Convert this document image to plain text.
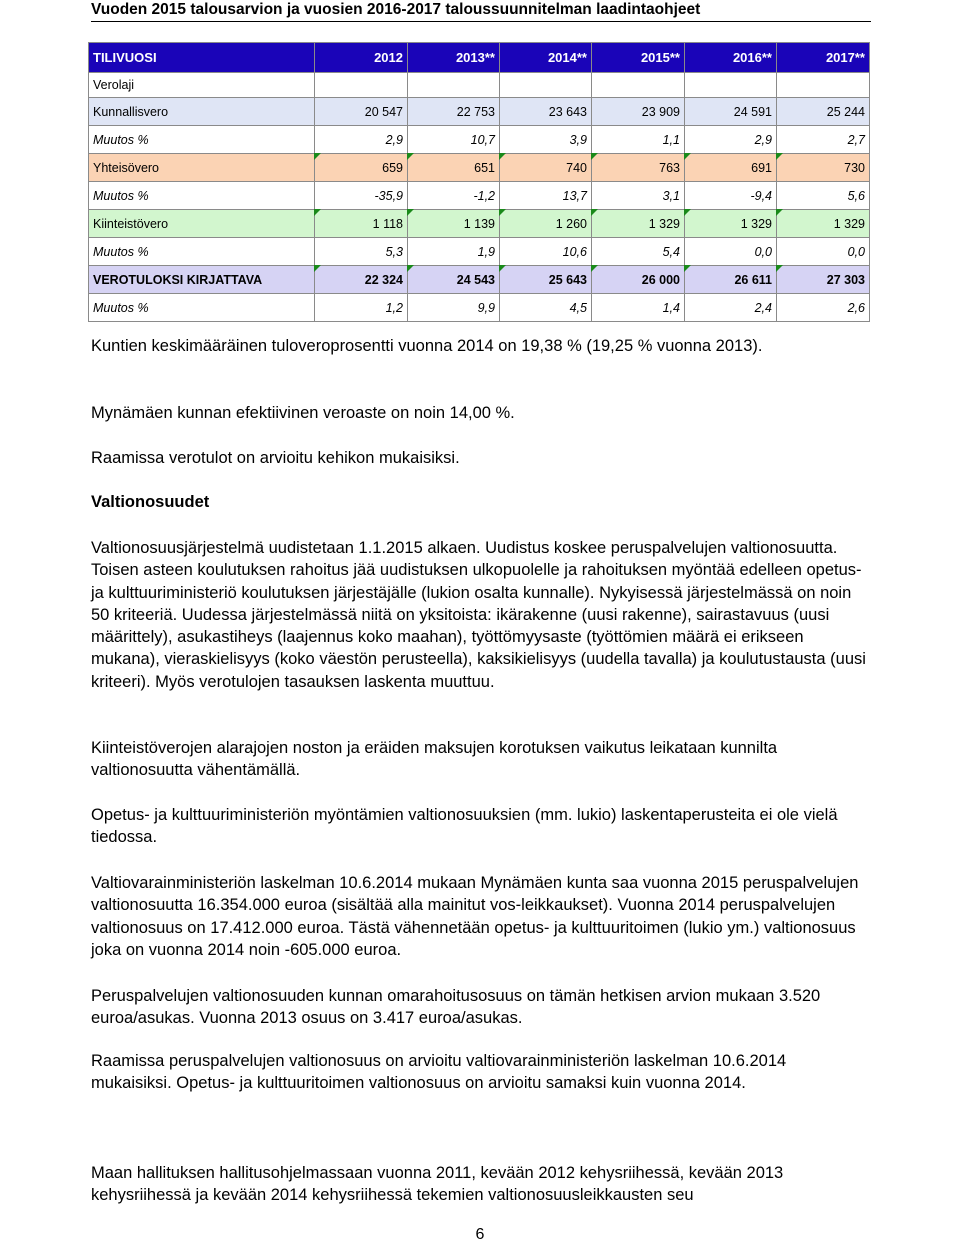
Vuoden 2015 talousarvion ja vuosien 2016-2017 taloussuunnitelman laadintaohjeet
TILIVUOSI	2012	2013**	2014**	2015**	2016**	2017**
Verolaji						
Kunnallisvero	20 547	22 753	23 643	23 909	24 591	25 244
Muutos %	2,9	10,7	3,9	1,1	2,9	2,7
Yhteisövero	659	651	740	763	691	730
Muutos %	-35,9	-1,2	13,7	3,1	-9,4	5,6
Kiinteistövero	1 118	1 139	1 260	1 329	1 329	1 329
Muutos %	5,3	1,9	10,6	5,4	0,0	0,0
VEROTULOKSI KIRJATTAVA	22 324	24 543	25 643	26 000	26 611	27 303
Muutos %	1,2	9,9	4,5	1,4	2,4	2,6

Kuntien keskimääräinen tuloveroprosentti vuonna 2014 on 19,38 % (19,25 % vuonna 2013).

Mynämäen kunnan efektiivinen veroaste on noin 14,00 %.

Raamissa verotulot on arvioitu kehikon mukaisiksi.

Valtionosuudet

Valtionosuusjärjestelmä uudistetaan 1.1.2015 alkaen. Uudistus koskee peruspalvelujen valtionosuutta. Toisen asteen koulutuksen rahoitus jää uudistuksen ulkopuolelle ja rahoituksen myöntää edelleen opetus- ja kulttuuriministeriö koulutuksen järjestäjälle (lukion osalta kunnalle). Nykyisessä järjestelmässä on noin 50 kriteeriä. Uudessa järjestelmässä niitä on yksitoista: ikärakenne (uusi rakenne), sairastavuus (uusi määrittely), asukastiheys (laajennus koko maahan), työttömyysaste (työttömien määrä ei erikseen mukana), vieraskielisyys (koko väestön perusteella), kaksikielisyys (uudella tavalla) ja koulutustausta (uusi kriteeri). Myös verotulojen tasauksen laskenta muuttuu.

Kiinteistöverojen alarajojen noston ja eräiden maksujen korotuksen vaikutus leikataan kunnilta valtionosuutta vähentämällä.

Opetus- ja kulttuuriministeriön myöntämien valtionosuuksien (mm. lukio) laskentaperusteita ei ole vielä tiedossa.

Valtiovarainministeriön laskelman 10.6.2014 mukaan Mynämäen kunta saa vuonna 2015 peruspalvelujen valtionosuutta 16.354.000 euroa (sisältää alla mainitut vos-leikkaukset). Vuonna 2014 peruspalvelujen valtionosuus on 17.412.000 euroa. Tästä vähennetään opetus- ja kulttuuritoimen (lukio ym.) valtionosuus joka on vuonna 2014 noin -605.000 euroa.

Peruspalvelujen valtionosuuden kunnan omarahoitusosuus on tämän hetkisen arvion mukaan 3.520 euroa/asukas. Vuonna 2013 osuus on 3.417 euroa/asukas.

Raamissa peruspalvelujen valtionosuus on arvioitu valtiovarainministeriön laskelman 10.6.2014 mukaisiksi. Opetus- ja kulttuuritoimen valtionosuus on arvioitu samaksi kuin vuonna 2014.

Maan hallituksen hallitusohjelmassaan vuonna 2011, kevään 2012 kehysriihessä, kevään 2013 kehysriihessä ja kevään 2014 kehysriihessä tekemien valtionosuusleikkausten seu

6
